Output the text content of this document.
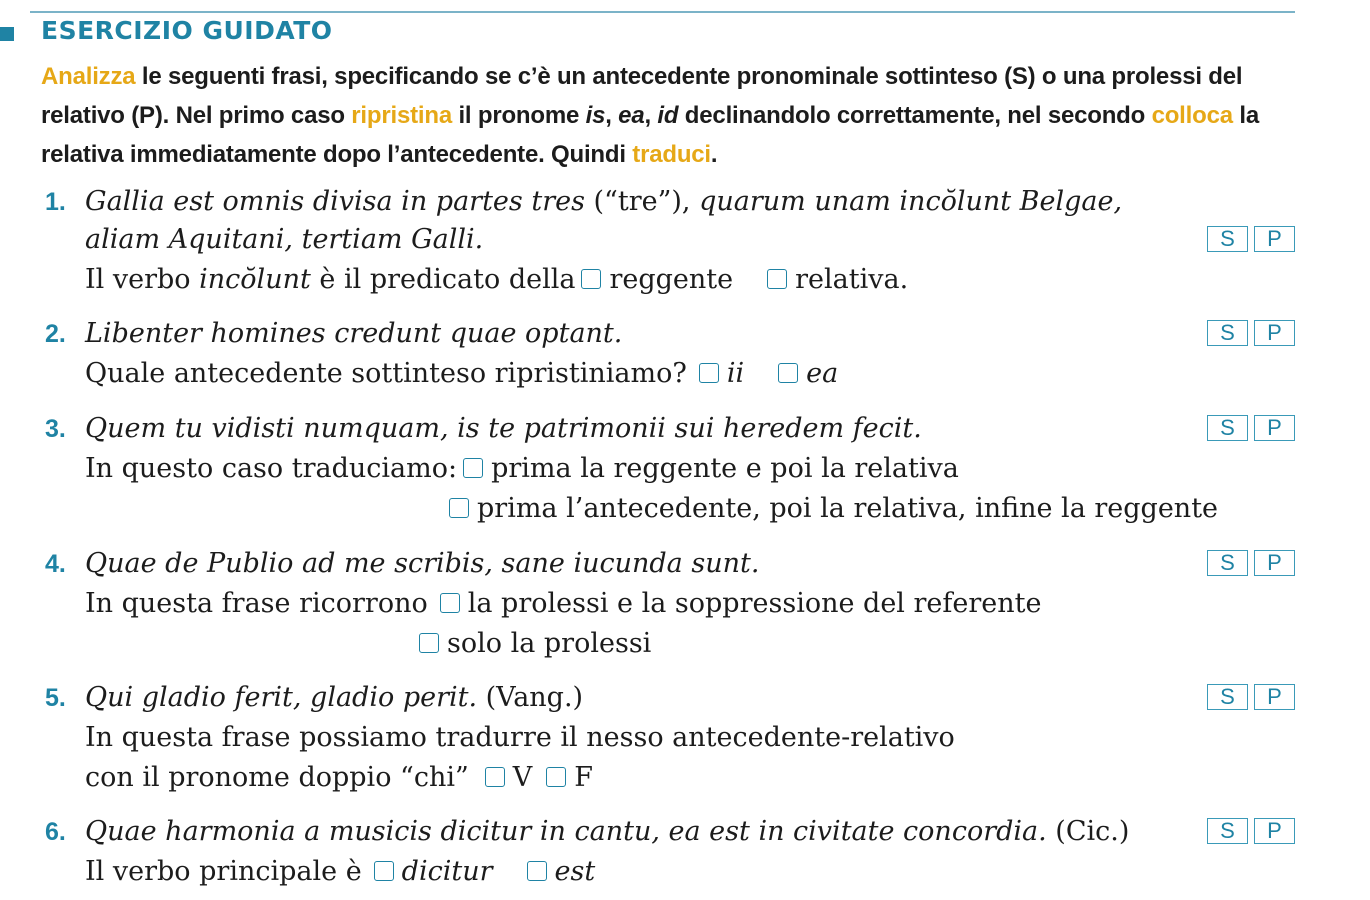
ESERCIZIO GUIDATO
Analizza le seguenti frasi, specificando se c’è un antecedente pronominale sottinteso (S) o una prolessi del relativo (P). Nel primo caso ripristina il pronome is, ea, id declinandolo correttamente, nel secondo colloca la relativa immediatamente dopo l’antecedente. Quindi traduci.
1. Gallia est omnis divisa in partes tres (“tre”), quarum unam incŏlunt Belgae,
aliam Aquitani, tertiam Galli.	S	P
Il verbo incŏlunt è il predicato della reggente relativa.
2. Libenter homines credunt quae optant.	S	P
Quale antecedente sottinteso ripristiniamo? ii ea
3. Quem tu vidisti numquam, is te patrimonii sui heredem fecit.	S	P
In questo caso traduciamo: prima la reggente e poi la relativa
prima l’antecedente, poi la relativa, infine la reggente
4. Quae de Publio ad me scribis, sane iucunda sunt.	S	P
In questa frase ricorrono la prolessi e la soppressione del referente
solo la prolessi
5. Qui gladio ferit, gladio perit. (Vang.)	S	P
In questa frase possiamo tradurre il nesso antecedente-relativo
con il pronome doppio “chi” V F
6. Quae harmonia a musicis dicitur in cantu, ea est in civitate concordia. (Cic.)	S	P
Il verbo principale è dicitur est
